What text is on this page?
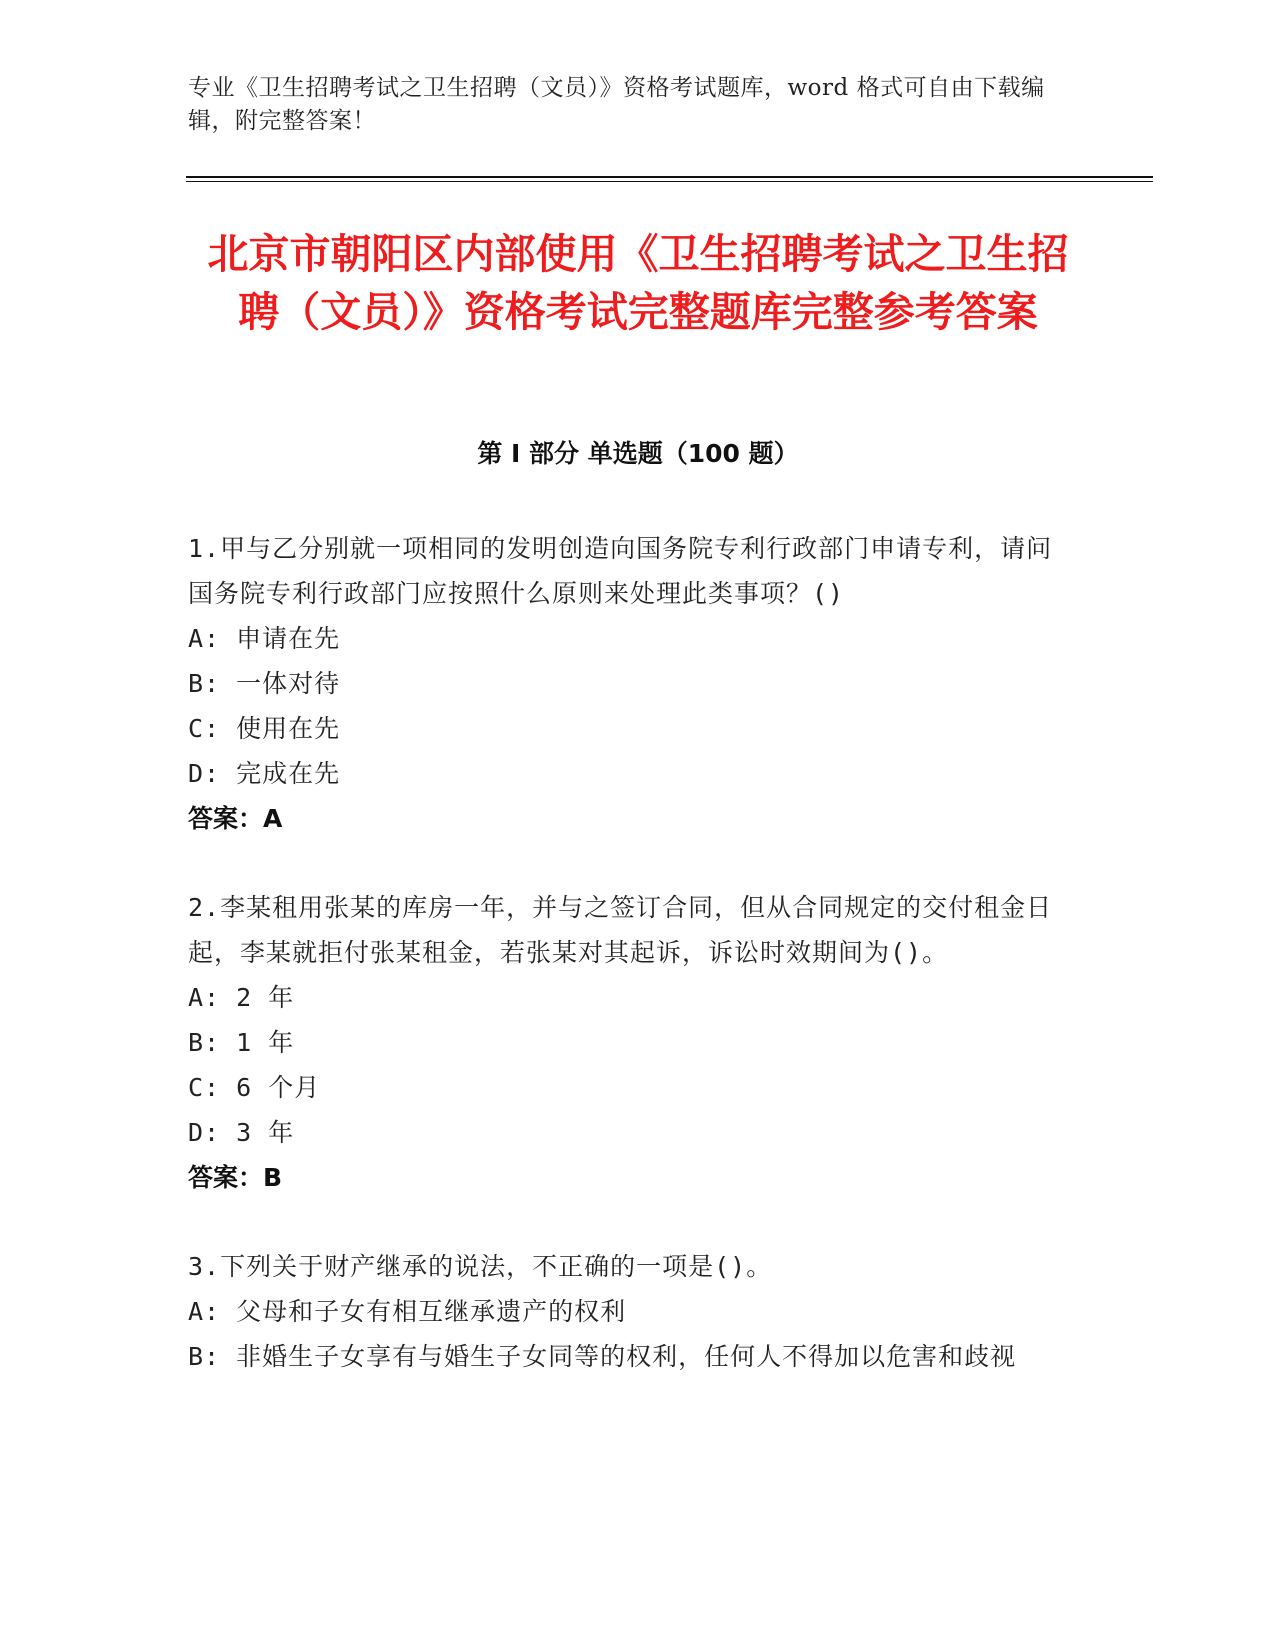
专业《卫生招聘考试之卫生招聘（文员）》资格考试题库，word 格式可自由下载编辑，附完整答案！
北京市朝阳区内部使用《卫生招聘考试之卫生招聘（文员）》资格考试完整题库完整参考答案
第 I 部分 单选题（100 题）
1.甲与乙分别就一项相同的发明创造向国务院专利行政部门申请专利，请问国务院专利行政部门应按照什么原则来处理此类事项？()
A: 申请在先
B: 一体对待
C: 使用在先
D: 完成在先
答案：A
2.李某租用张某的库房一年，并与之签订合同，但从合同规定的交付租金日起，李某就拒付张某租金，若张某对其起诉，诉讼时效期间为()。
A: 2 年
B: 1 年
C: 6 个月
D: 3 年
答案：B
3.下列关于财产继承的说法，不正确的一项是()。
A: 父母和子女有相互继承遗产的权利
B: 非婚生子女享有与婚生子女同等的权利，任何人不得加以危害和歧视
